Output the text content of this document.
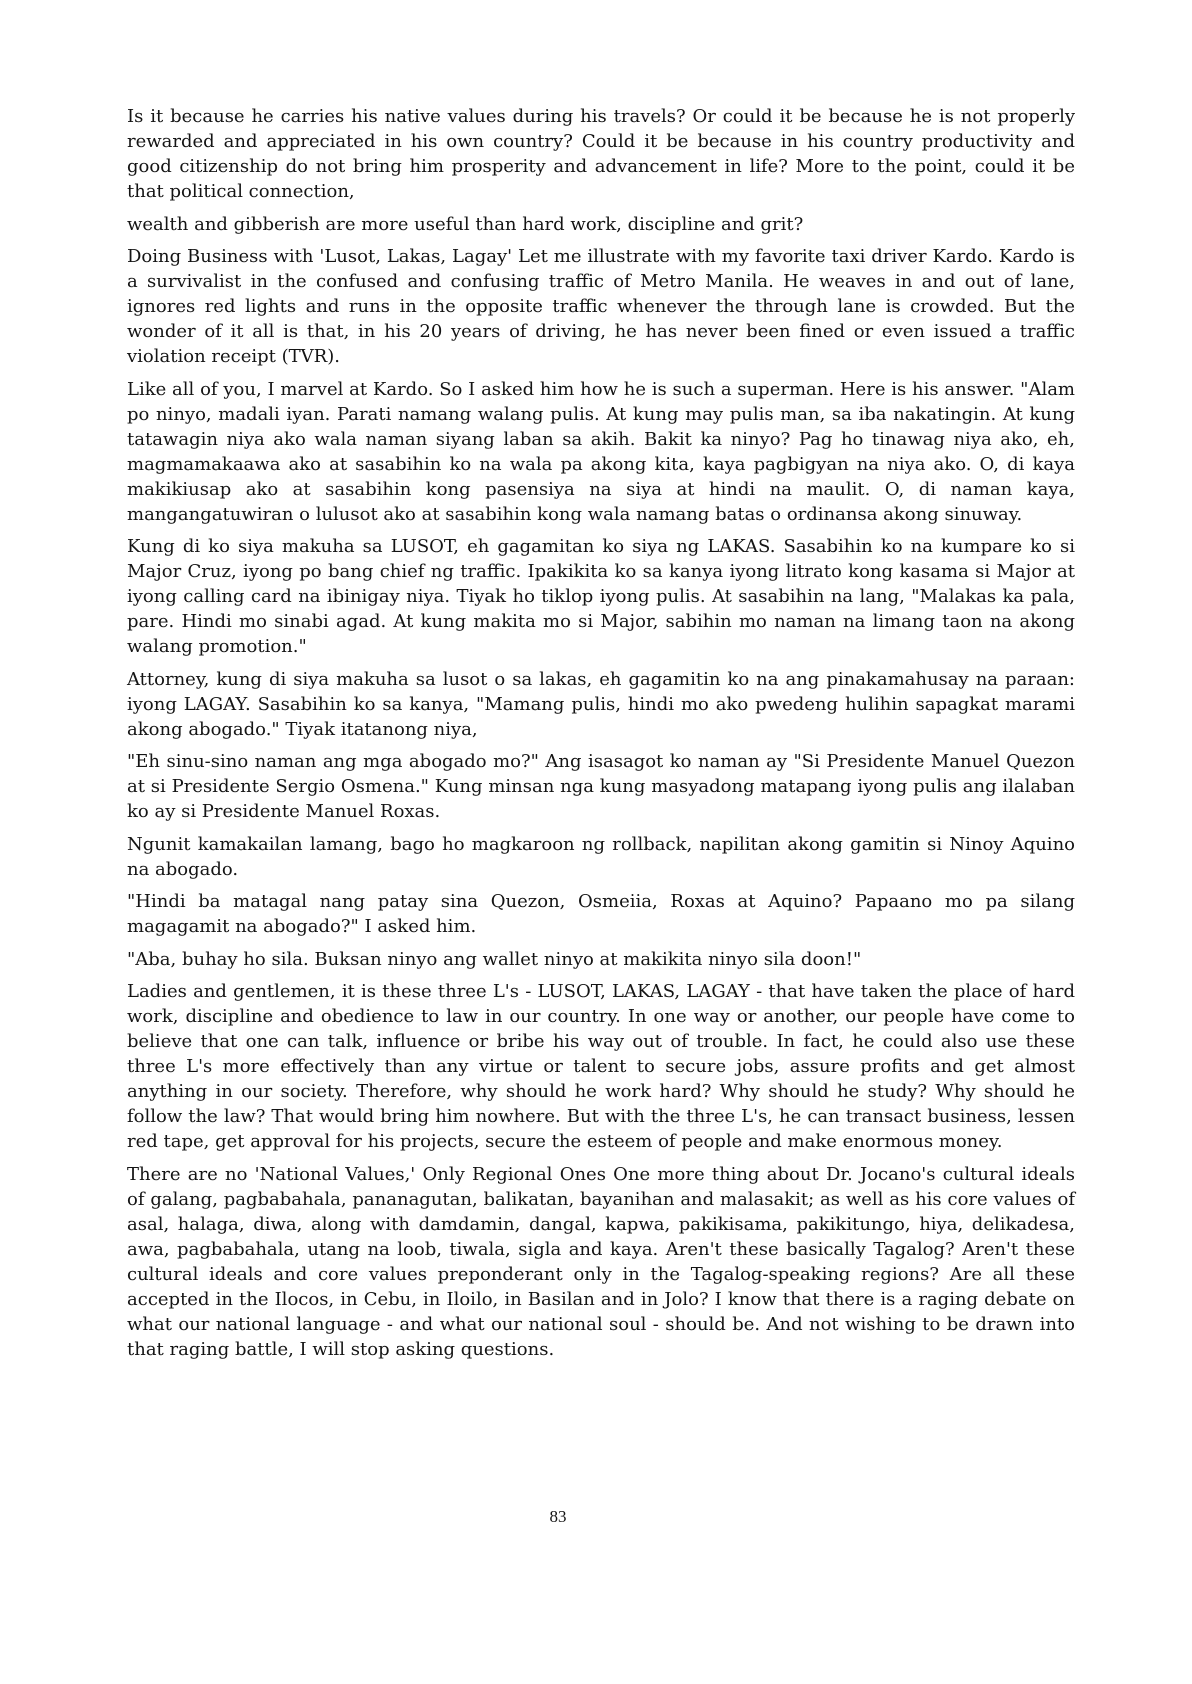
Is it because he carries his native values during his travels? Or could it be because he is not properly rewarded and appreciated in his own country? Could it be because in his country productivity and good citizenship do not bring him prosperity and advancement in life? More to the point, could it be that political connection,

wealth and gibberish are more useful than hard work, discipline and grit?

Doing Business with 'Lusot, Lakas, Lagay' Let me illustrate with my favorite taxi driver Kardo. Kardo is a survivalist in the confused and confusing traffic of Metro Manila. He weaves in and out of lane, ignores red lights and runs in the opposite traffic whenever the through lane is crowded. But the wonder of it all is that, in his 20 years of driving, he has never been fined or even issued a traffic violation receipt (TVR).

Like all of you, I marvel at Kardo. So I asked him how he is such a superman. Here is his answer. "Alam po ninyo, madali iyan. Parati namang walang pulis. At kung may pulis man, sa iba nakatingin. At kung tatawagin niya ako wala naman siyang laban sa akih. Bakit ka ninyo? Pag ho tinawag niya ako, eh, magmamakaawa ako at sasabihin ko na wala pa akong kita, kaya pagbigyan na niya ako. O, di kaya makikiusap ako at sasabihin kong pasensiya na siya at hindi na maulit. O, di naman kaya, mangangatuwiran o lulusot ako at sasabihin kong wala namang batas o ordinansa akong sinuway.

Kung di ko siya makuha sa LUSOT, eh gagamitan ko siya ng LAKAS. Sasabihin ko na kumpare ko si Major Cruz, iyong po bang chief ng traffic. Ipakikita ko sa kanya iyong litrato kong kasama si Major at iyong calling card na ibinigay niya. Tiyak ho tiklop iyong pulis. At sasabihin na lang, "Malakas ka pala, pare. Hindi mo sinabi agad. At kung makita mo si Major, sabihin mo naman na limang taon na akong walang promotion."

Attorney, kung di siya makuha sa lusot o sa lakas, eh gagamitin ko na ang pinakamahusay na paraan: iyong LAGAY. Sasabihin ko sa kanya, "Mamang pulis, hindi mo ako pwedeng hulihin sapagkat marami akong abogado." Tiyak itatanong niya,

"Eh sinu-sino naman ang mga abogado mo?" Ang isasagot ko naman ay "Si Presidente Manuel Quezon at si Presidente Sergio Osmena." Kung minsan nga kung masyadong matapang iyong pulis ang ilalaban ko ay si Presidente Manuel Roxas.

Ngunit kamakailan lamang, bago ho magkaroon ng rollback, napilitan akong gamitin si Ninoy Aquino na abogado.

"Hindi ba matagal nang patay sina Quezon, Osmeiia, Roxas at Aquino? Papaano mo pa silang magagamit na abogado?" I asked him.

"Aba, buhay ho sila. Buksan ninyo ang wallet ninyo at makikita ninyo sila doon!"

Ladies and gentlemen, it is these three L's - LUSOT, LAKAS, LAGAY - that have taken the place of hard work, discipline and obedience to law in our country. In one way or another, our people have come to believe that one can talk, influence or bribe his way out of trouble. In fact, he could also use these three L's more effectively than any virtue or talent to secure jobs, assure profits and get almost anything in our society. Therefore, why should he work hard? Why should he study? Why should he follow the law? That would bring him nowhere. But with the three L's, he can transact business, lessen red tape, get approval for his projects, secure the esteem of people and make enormous money.

There are no 'National Values,' Only Regional Ones One more thing about Dr. Jocano's cultural ideals of galang, pagbabahala, pananagutan, balikatan, bayanihan and malasakit; as well as his core values of asal, halaga, diwa, along with damdamin, dangal, kapwa, pakikisama, pakikitungo, hiya, delikadesa, awa, pagbabahala, utang na loob, tiwala, sigla and kaya. Aren't these basically Tagalog? Aren't these cultural ideals and core values preponderant only in the Tagalog-speaking regions? Are all these accepted in the Ilocos, in Cebu, in Iloilo, in Basilan and in Jolo? I know that there is a raging debate on what our national language - and what our national soul - should be. And not wishing to be drawn into that raging battle, I will stop asking questions.

83
